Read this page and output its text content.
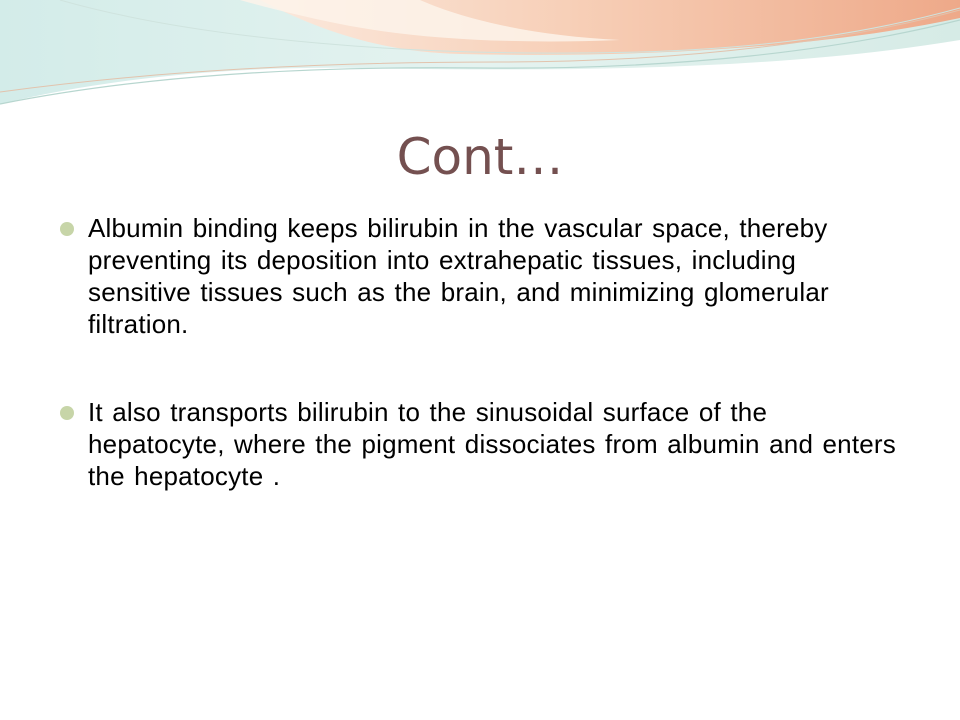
Cont…
Albumin binding keeps bilirubin in the vascular space, thereby preventing its deposition into extrahepatic tissues, including sensitive tissues such as the brain, and minimizing glomerular filtration.
It also transports bilirubin to the sinusoidal surface of the hepatocyte, where the pigment dissociates from albumin and enters the hepatocyte .
